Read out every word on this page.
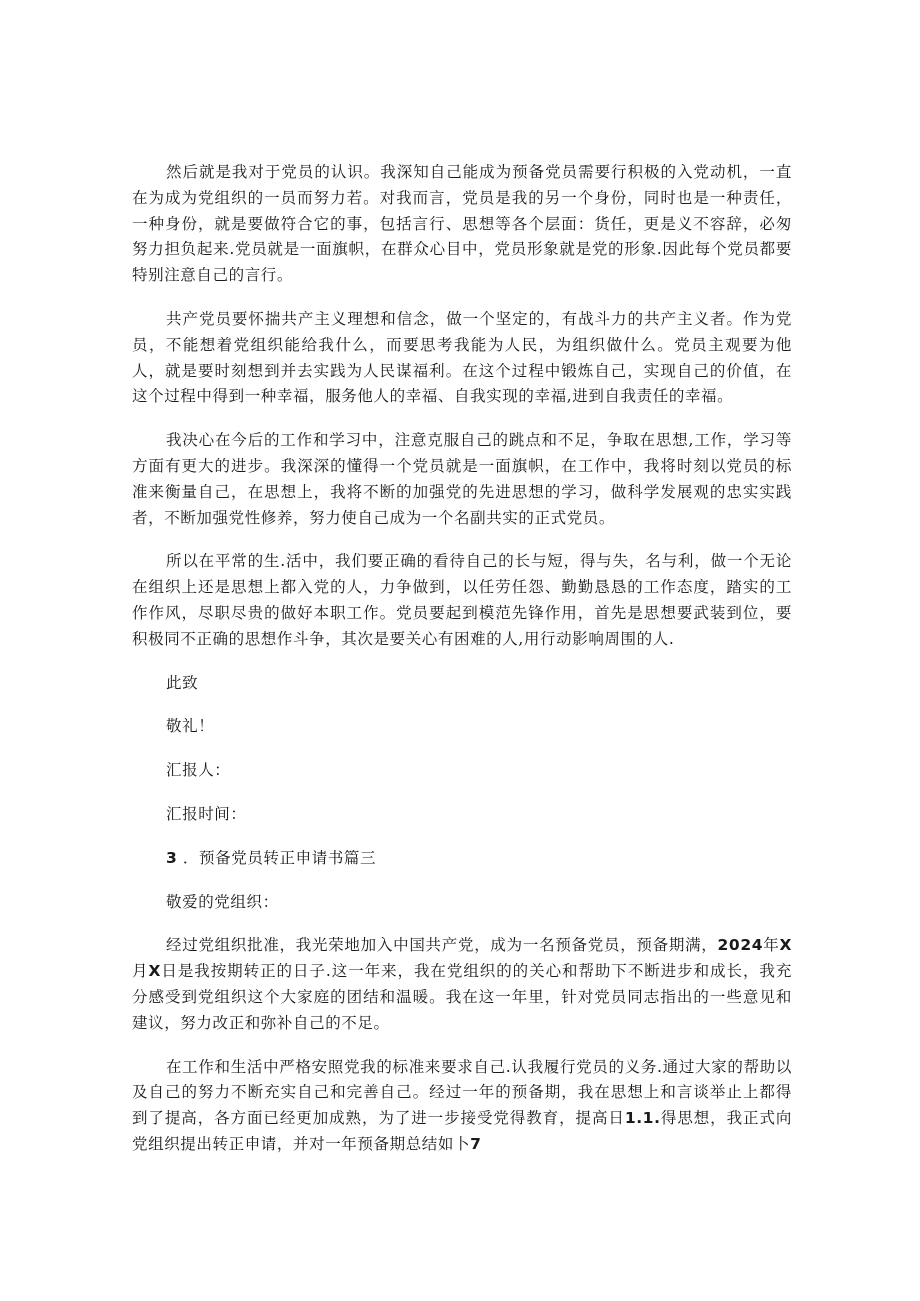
然后就是我对于党员的认识。我深知自己能成为预备党员需要行积极的入党动机，一直在为成为党组织的一员而努力若。对我而言，党员是我的另一个身份，同时也是一种责任，一种身份，就是要做符合它的事，包括言行、思想等各个层面：货任，更是义不容辞，必匆努力担负起来.党员就是一面旗帜，在群众心目中，党员形象就是党的形象.因此每个党员都要特别注意自己的言行。

共产党员要怀揣共产主义理想和信念，做一个坚定的，有战斗力的共产主义者。作为党员，不能想着党组织能给我什么，而要思考我能为人民，为组织做什么。党员主观要为他人，就是要时刻想到并去实践为人民谋福利。在这个过程中锻炼自己，实现自己的价值，在这个过程中得到一种幸福，服务他人的幸福、自我实现的幸福,进到自我责任的幸福。

我决心在今后的工作和学习中，注意克服自己的跳点和不足，争取在思想,工作，学习等方面有更大的进步。我深深的懂得一个党员就是一面旗帜，在工作中，我将时刻以党员的标准来衡量自己，在思想上，我将不断的加强党的先进思想的学习，做科学发展观的忠实实践者，不断加强党性修养，努力使自己成为一个名副共实的正式党员。

所以在平常的生.活中，我们要正确的看待自己的长与短，得与失，名与利，做一个无论在组织上还是思想上都入党的人，力争做到，以任劳任怨、勤勤恳恳的工作态度，踏实的工作作风，尽职尽贵的做好本职工作。党员要起到模范先锋作用，首先是思想要武装到位，要积极同不正确的思想作斗争，其次是要关心有困难的人,用行动影响周围的人.

此致

敬礼！

汇报人：

汇报时间：

3 ．预备党员转正申请书篇三

敬爱的党组织：

经过党组织批准，我光荣地加入中国共产党，成为一名预备党员，预备期满，2024年X月X日是我按期转正的日子.这一年来，我在党组织的的关心和帮助下不断进步和成长，我充分感受到党组织这个大家庭的团结和温暖。我在这一年里，针对党员同志指出的一些意见和建议，努力改正和弥补自己的不足。

在工作和生活中严格安照党我的标准来要求自己.认我履行党员的义务.通过大家的帮助以及自己的努力不断充实自己和完善自己。经过一年的预备期，我在思想上和言谈举止上都得到了提高，各方面已经更加成熟，为了进一步接受党得教育，提高日1.1.得思想，我正式向党组织提出转正申请，并对一年预备期总结如卜7
